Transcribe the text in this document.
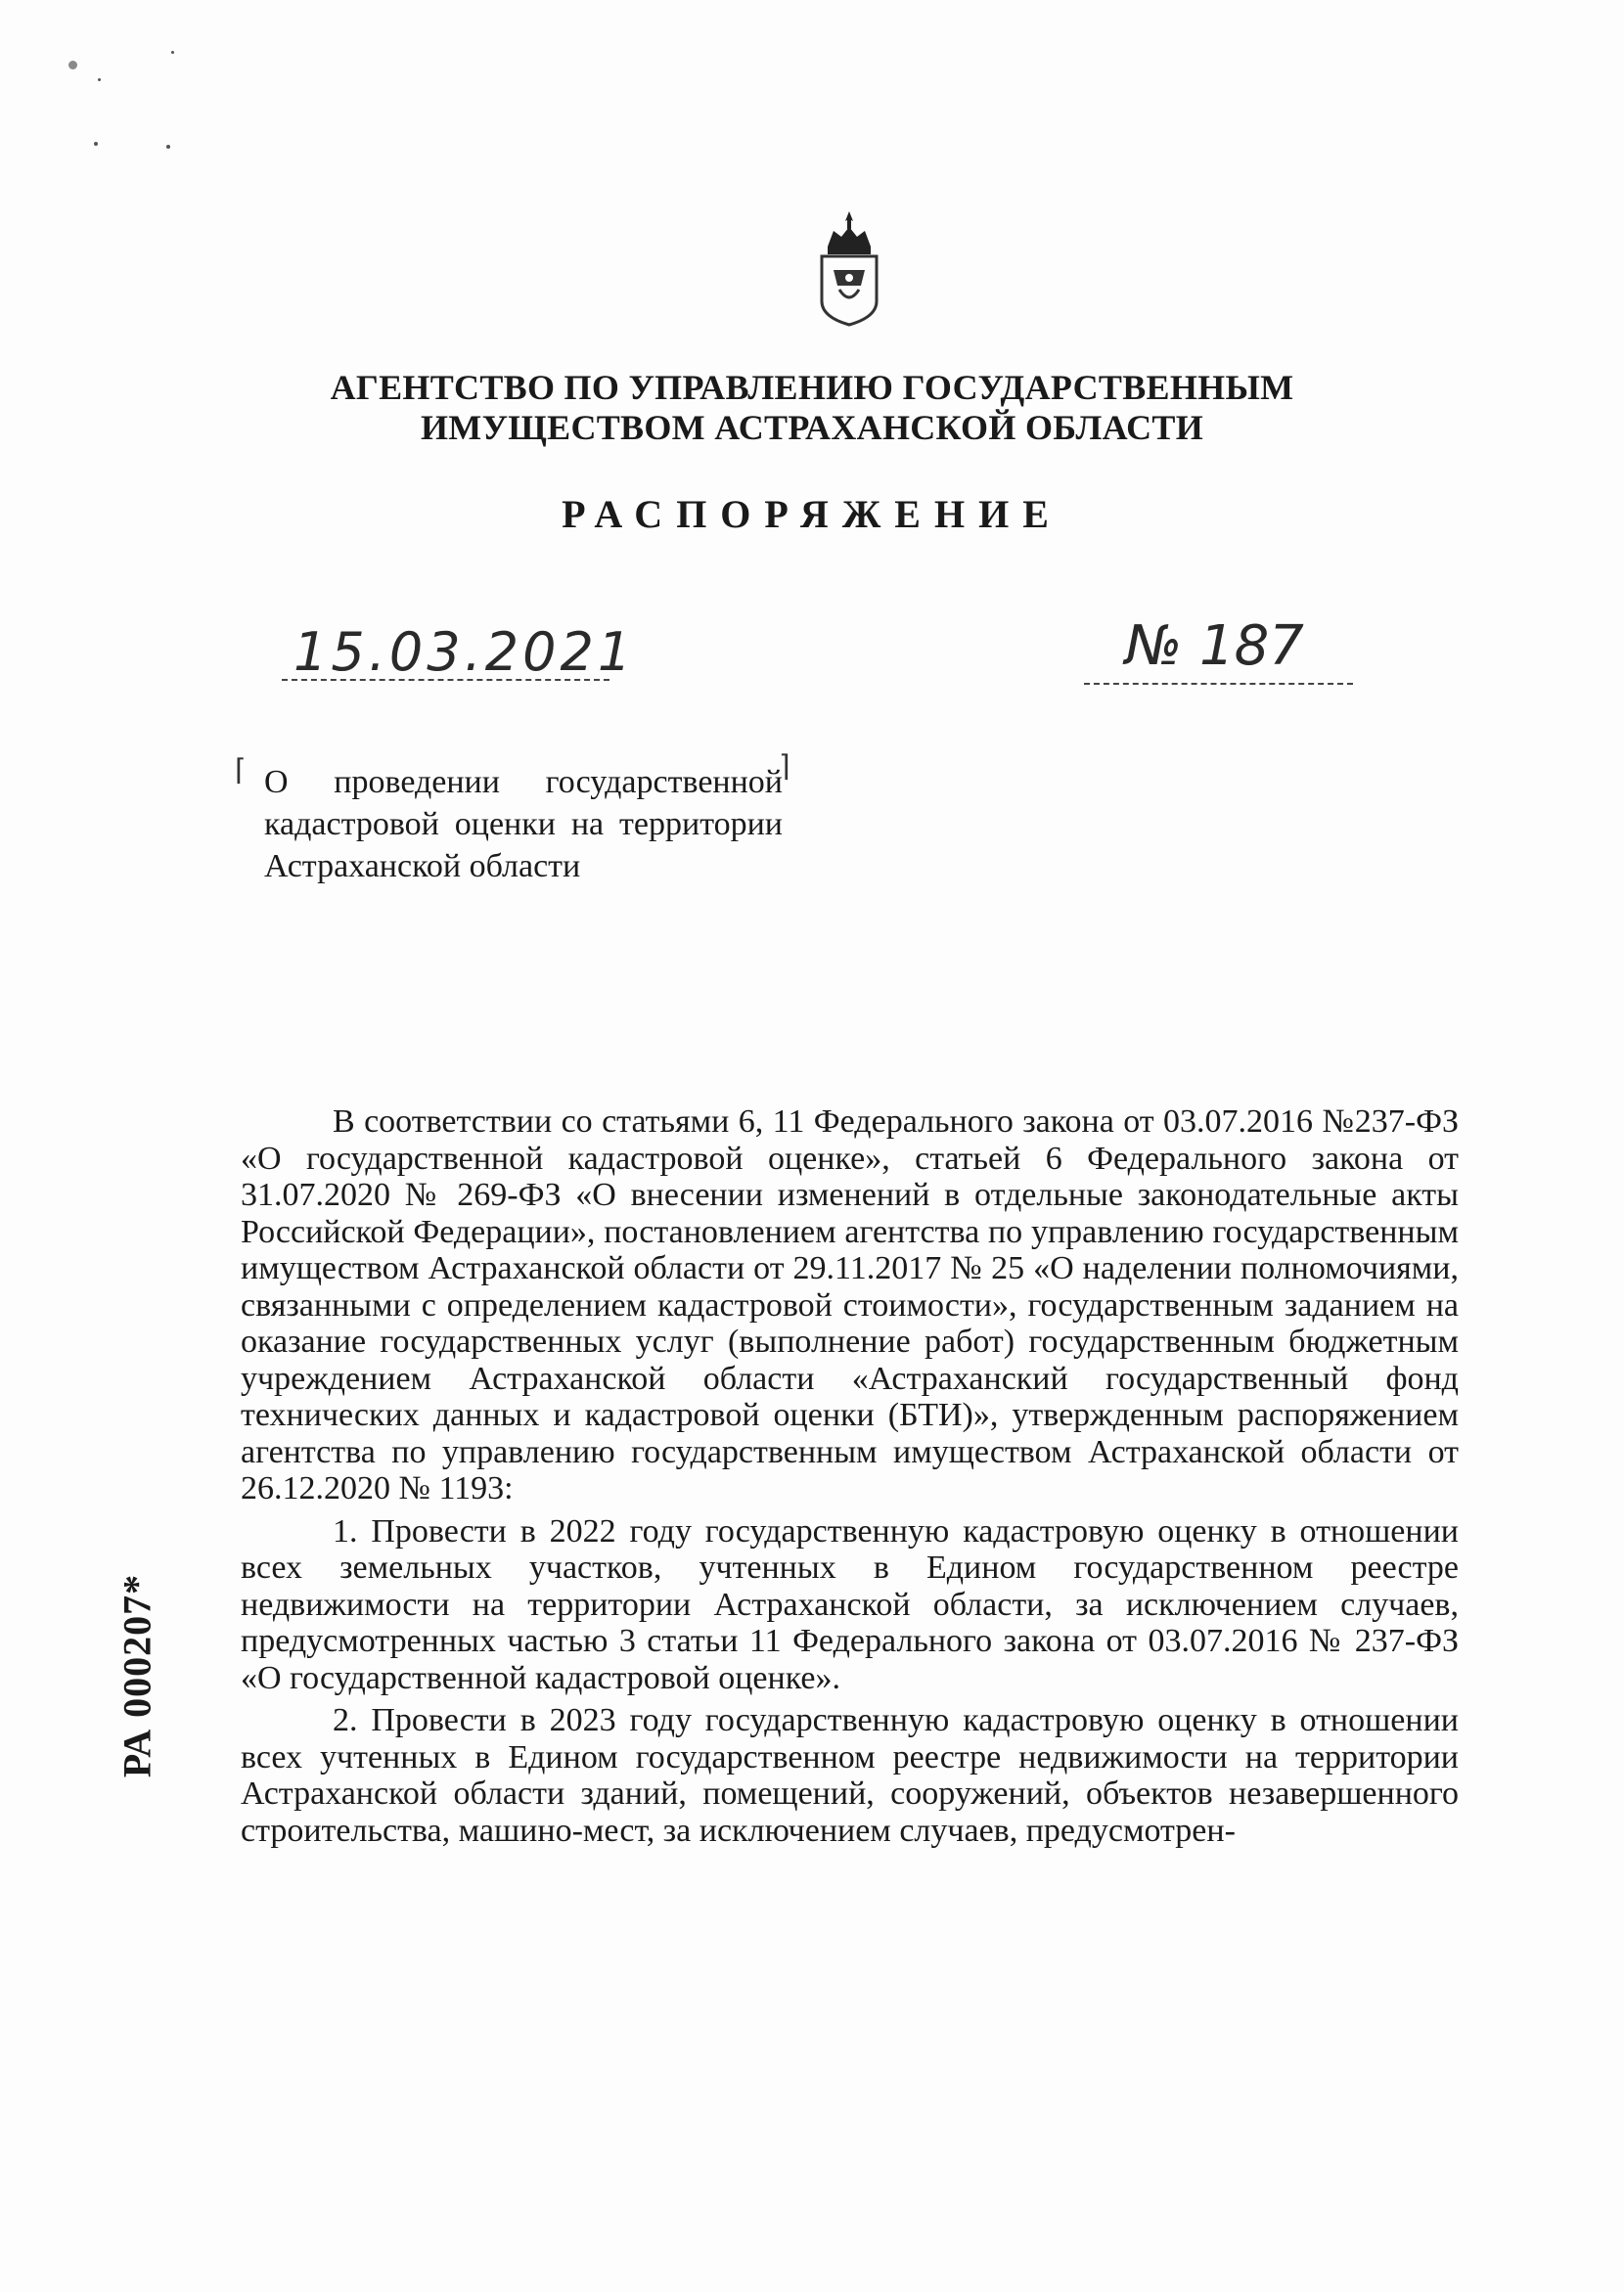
АГЕНТСТВО ПО УПРАВЛЕНИЮ ГОСУДАРСТВЕННЫМ
ИМУЩЕСТВОМ АСТРАХАНСКОЙ ОБЛАСТИ
РАСПОРЯЖЕНИЕ
15.03.2021	№ 187
⌈	⌉
О проведении государственной кадастровой оценки на территории Астраханской области

В соответствии со статьями 6, 11 Федерального закона от 03.07.2016 №237-ФЗ «О государственной кадастровой оценке», статьей 6 Федерального закона от 31.07.2020 № 269-ФЗ «О внесении изменений в отдельные законодательные акты Российской Федерации», постановлением агентства по управлению государственным имуществом Астраханской области от 29.11.2017 № 25 «О наделении полномочиями, связанными с определением кадастровой стоимости», государственным заданием на оказание государственных услуг (выполнение работ) государственным бюджетным учреждением Астраханской области «Астраханский государственный фонд технических данных и кадастровой оценки (БТИ)», утвержденным распоряжением агентства по управлению государственным имуществом Астраханской области от 26.12.2020 № 1193:

1. Провести в 2022 году государственную кадастровую оценку в отношении всех земельных участков, учтенных в Едином государственном реестре недвижимости на территории Астраханской области, за исключением случаев, предусмотренных частью 3 статьи 11 Федерального закона от 03.07.2016 № 237-ФЗ «О государственной кадастровой оценке».

2. Провести в 2023 году государственную кадастровую оценку в отношении всех учтенных в Едином государственном реестре недвижимости на территории Астраханской области зданий, помещений, сооружений, объектов незавершенного строительства, машино-мест, за исключением случаев, предусмотрен-

РА 000207*
